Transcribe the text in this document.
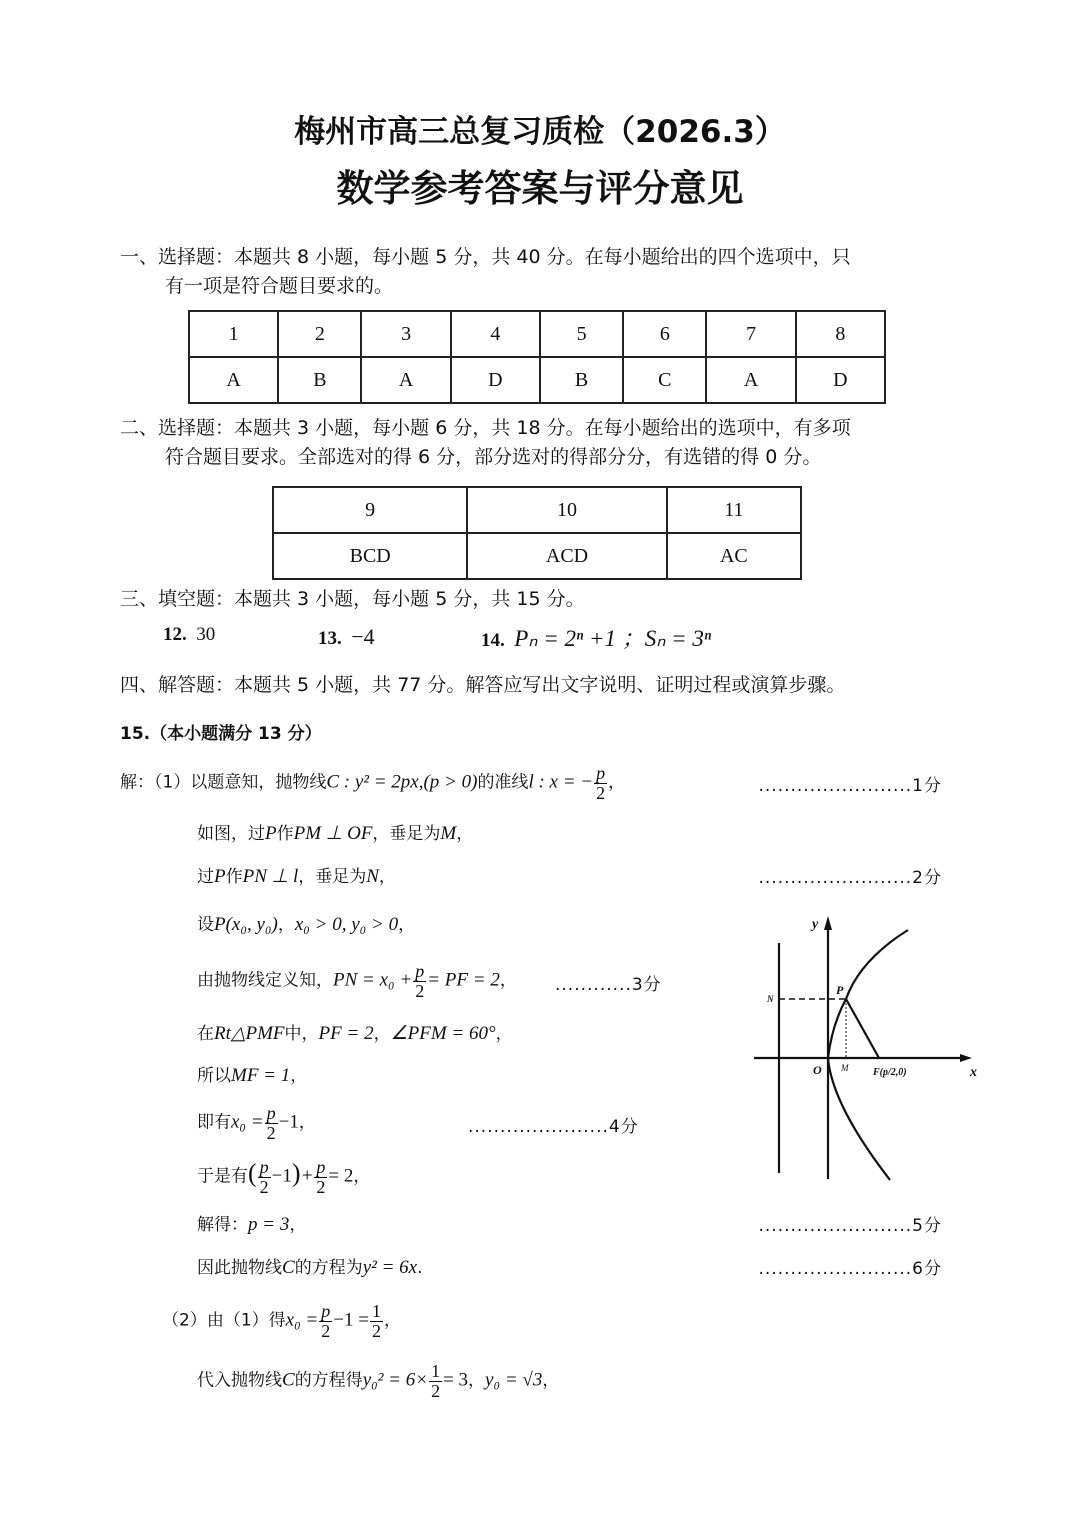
梅州市高三总复习质检（2026.3）
数学参考答案与评分意见
一、选择题：本题共 8 小题，每小题 5 分，共 40 分。在每小题给出的四个选项中，只
有一项是符合题目要求的。
1	2	3	4	5	6	7	8
A	B	A	D	B	C	A	D
二、选择题：本题共 3 小题，每小题 6 分，共 18 分。在每小题给出的选项中，有多项
符合题目要求。全部选对的得 6 分，部分选对的得部分分，有选错的得 0 分。
9	10	11
BCD	ACD	AC
三、填空题：本题共 3 小题，每小题 5 分，共 15 分。
12. 30	13. −4	14. Pₙ = 2ⁿ +1 ；Sₙ = 3ⁿ
四、解答题：本题共 5 小题，共 77 分。解答应写出文字说明、证明过程或演算步骤。
15.（本小题满分 13 分）
解：（1）以题意知，抛物线C : y² = 2px,(p > 0)的准线l : x = − $\frac{p}{2}$ ，	........................1分
如图，过P作PM ⊥ OF，垂足为M，
过P作PN ⊥ l，垂足为N，	........................2分
设P(x₀, y₀)，x₀ > 0, y₀ > 0，
由抛物线定义知，PN = $x_0 + \frac{p}{2}$ = PF = 2， ............3分
在Rt△PMF中，PF = 2，∠PFM = 60°，
所以MF = 1，
即有$x_0 = \frac{p}{2} -1$，	......................4分
于是有( $\frac{p}{2} -1)+ \frac{p}{2} = 2$，
解得：p = 3，	........................5分
因此抛物线C的方程为y² = 6x.	........................6分
（2）由（1）得$x_0 = \frac{p}{2} -1 = \frac{1}{2}$ ，
代入抛物线C的方程得$y_0^2 = 6\times \frac{1}{2} = 3$，y₀ = √3，
y
x
O
P
N
M F(p/2,0)
